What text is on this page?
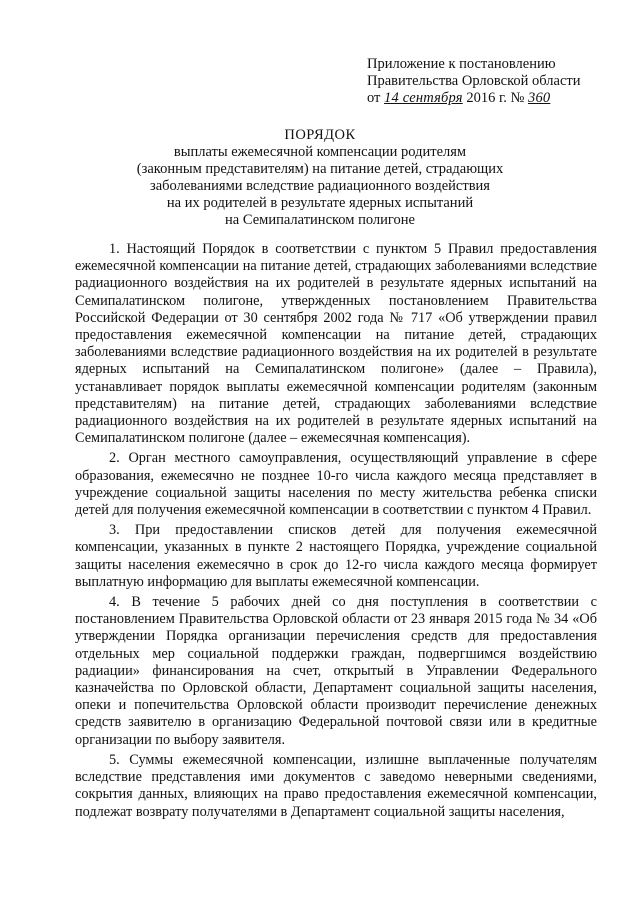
Приложение к постановлению
Правительства Орловской области
от 14 сентября 2016 г. № 360
ПОРЯДОК
выплаты ежемесячной компенсации родителям
(законным представителям) на питание детей, страдающих
заболеваниями вследствие радиационного воздействия
на их родителей в результате ядерных испытаний
на Семипалатинском полигоне

1. Настоящий Порядок в соответствии с пунктом 5 Правил предоставления ежемесячной компенсации на питание детей, страдающих заболеваниями вследствие радиационного воздействия на их родителей в результате ядерных испытаний на Семипалатинском полигоне, утвержденных постановлением Правительства Российской Федерации от 30 сентября 2002 года № 717 «Об утверждении правил предоставления ежемесячной компенсации на питание детей, страдающих заболеваниями вследствие радиационного воздействия на их родителей в результате ядерных испытаний на Семипалатинском полигоне» (далее – Правила), устанавливает порядок выплаты ежемесячной компенсации родителям (законным представителям) на питание детей, страдающих заболеваниями вследствие радиационного воздействия на их родителей в результате ядерных испытаний на Семипалатинском полигоне (далее – ежемесячная компенсация).

2. Орган местного самоуправления, осуществляющий управление в сфере образования, ежемесячно не позднее 10-го числа каждого месяца представляет в учреждение социальной защиты населения по месту жительства ребенка списки детей для получения ежемесячной компенсации в соответствии с пунктом 4 Правил.

3. При предоставлении списков детей для получения ежемесячной компенсации, указанных в пункте 2 настоящего Порядка, учреждение социальной защиты населения ежемесячно в срок до 12-го числа каждого месяца формирует выплатную информацию для выплаты ежемесячной компенсации.

4. В течение 5 рабочих дней со дня поступления в соответствии с постановлением Правительства Орловской области от 23 января 2015 года № 34 «Об утверждении Порядка организации перечисления средств для предоставления отдельных мер социальной поддержки граждан, подвергшимся воздействию радиации» финансирования на счет, открытый в Управлении Федерального казначейства по Орловской области, Департамент социальной защиты населения, опеки и попечительства Орловской области производит перечисление денежных средств заявителю в организацию Федеральной почтовой связи или в кредитные организации по выбору заявителя.

5. Суммы ежемесячной компенсации, излишне выплаченные получателям вследствие представления ими документов с заведомо неверными сведениями, сокрытия данных, влияющих на право предоставления ежемесячной компенсации, подлежат возврату получателями в Департамент социальной защиты населения,
